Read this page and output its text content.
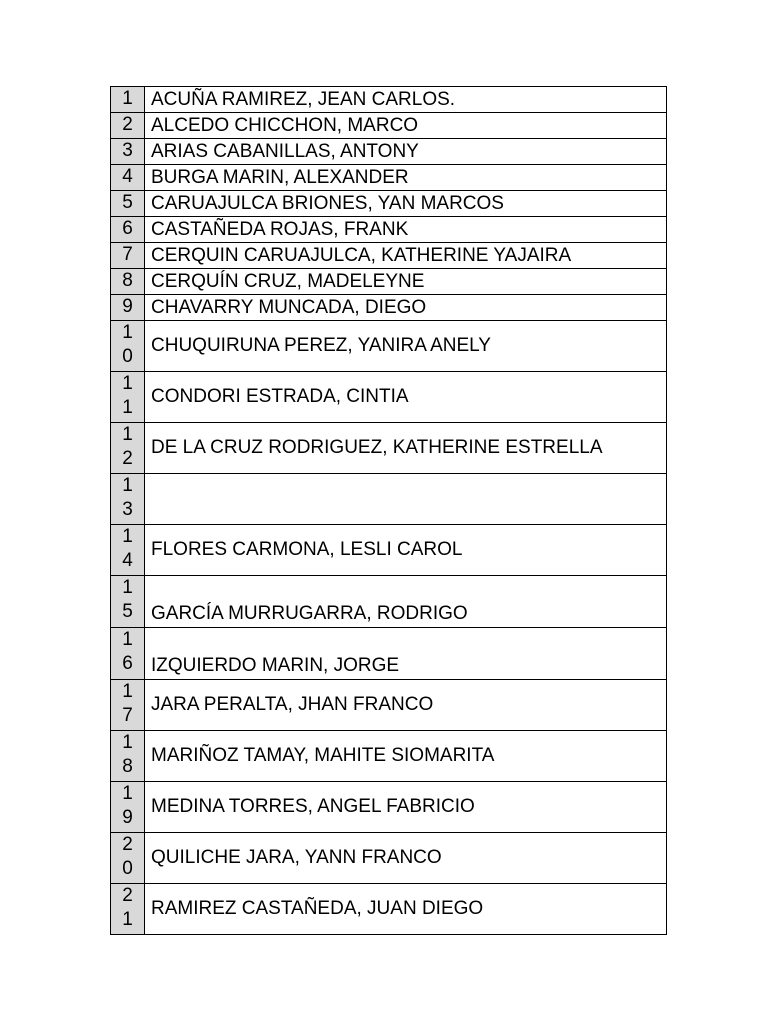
1	ACUÑA RAMIREZ, JEAN CARLOS.

2	ALCEDO CHICCHON, MARCO

3	ARIAS CABANILLAS, ANTONY

4	BURGA MARIN, ALEXANDER

5	CARUAJULCA BRIONES, YAN MARCOS

6	CASTAÑEDA ROJAS, FRANK

7	CERQUIN CARUAJULCA, KATHERINE YAJAIRA

8	CERQUÍN CRUZ, MADELEYNE

9	CHAVARRY MUNCADA, DIEGO

10	CHUQUIRUNA PEREZ, YANIRA ANELY

11	CONDORI ESTRADA, CINTIA

12	DE LA CRUZ RODRIGUEZ, KATHERINE ESTRELLA

13	

14	FLORES CARMONA, LESLI CAROL

15	GARCÍA MURRUGARRA, RODRIGO

16	IZQUIERDO MARIN, JORGE

17	JARA PERALTA, JHAN FRANCO

18	MARIÑOZ TAMAY, MAHITE SIOMARITA

19	MEDINA TORRES, ANGEL FABRICIO

20	QUILICHE JARA, YANN FRANCO

21	RAMIREZ CASTAÑEDA, JUAN DIEGO
